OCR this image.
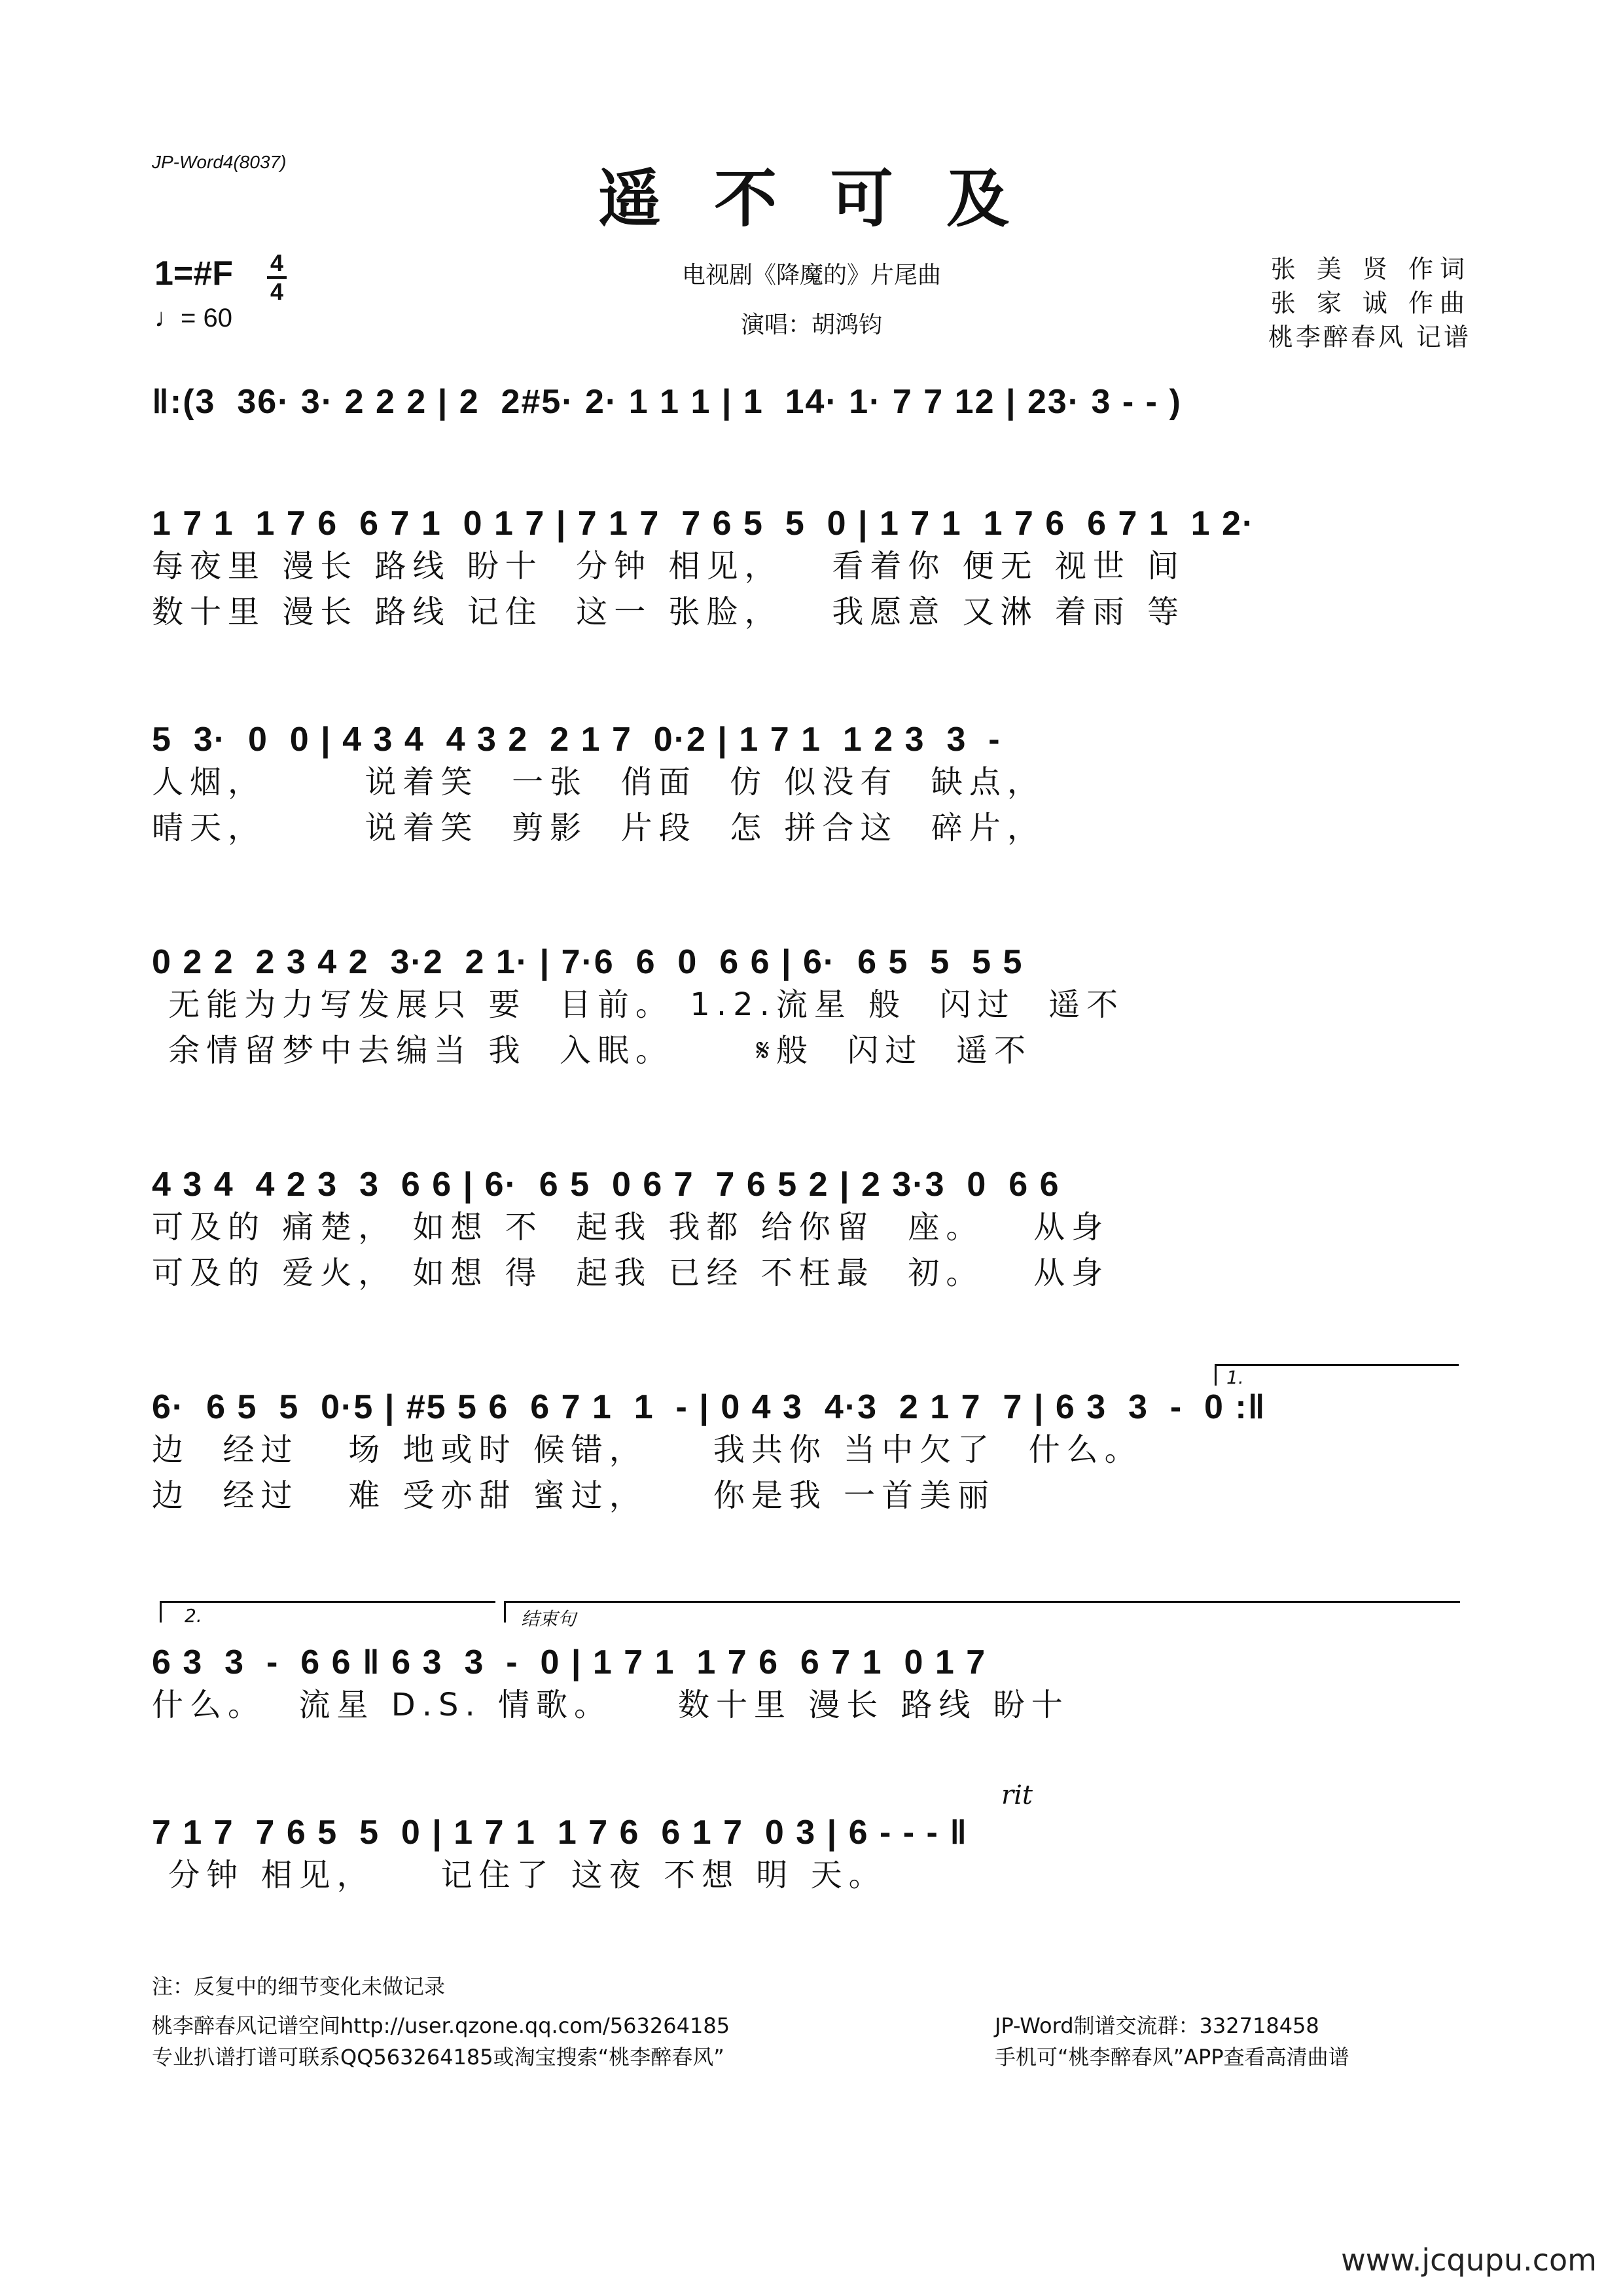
JP-Word4(8037)	遥 不 可 及
电视剧《降魔的》片尾曲
演唱：胡鸿钧
张 美 贤 作词
张 家 诚 作曲
桃李醉春风 记谱
1=#F 4
4
♩= 60
‖:(3  36· 3· 2 2 2 | 2  2#5· 2· 1 1 1 | 1  14· 1· 7 7 12 | 23· 3 - - )
1 7 1  1 7 6  6 7 1  0 1 7 | 7 1 7  7 6 5  5  0 | 1 7 1  1 7 6  6 7 1  1 2·
每夜里 漫长 路线 盼十  分钟 相见，   看着你 便无 视世 间
数十里 漫长 路线 记住  这一 张脸，   我愿意 又淋 着雨 等
5  3·  0  0 | 4 3 4  4 3 2  2 1 7  0·2 | 1 7 1  1 2 3  3  -
人烟，      说着笑  一张  俏面  仿 似没有  缺点，
晴天，      说着笑  剪影  片段  怎 拼合这  碎片，
0 2 2  2 3 4 2  3·2  2 1· | 7·6  6  0  6 6 | 6·  6 5  5  5 5
无能为力写发展只 要  目前。 1.2.流星 般  闪过  遥不
余情留梦中去编当 我  入眠。     𝄋般  闪过  遥不
4 3 4  4 2 3  3  6 6 | 6·  6 5  0 6 7  7 6 5 2 | 2 3·3  0  6 6
可及的 痛楚， 如想 不  起我 我都 给你留  座。   从身
可及的 爱火， 如想 得  起我 已经 不枉最  初。   从身
1.
6·  6 5  5  0·5 | #5 5 6  6 7 1  1  - | 0 4 3  4·3  2 1 7  7 | 6 3  3  -  0 :‖
边  经过   场 地或时 候错，    我共你 当中欠了  什么。
边  经过   难 受亦甜 蜜过，    你是我 一首美丽
2.	结束句
6 3  3  -  6 6 ‖ 6 3  3  -  0 | 1 7 1  1 7 6  6 7 1  0 1 7
什么。  流星 D.S. 情歌。    数十里 漫长 路线 盼十
rit
7 1 7  7 6 5  5  0 | 1 7 1  1 7 6  6 1 7  0 3 | 6 - - - ‖
分钟 相见，    记住了 这夜 不想 明 天。
注：反复中的细节变化未做记录
桃李醉春风记谱空间http://user.qzone.qq.com/563264185
专业扒谱打谱可联系QQ563264185或淘宝搜索“桃李醉春风”
JP-Word制谱交流群：332718458
手机可“桃李醉春风”APP查看高清曲谱
www.jcqupu.com
